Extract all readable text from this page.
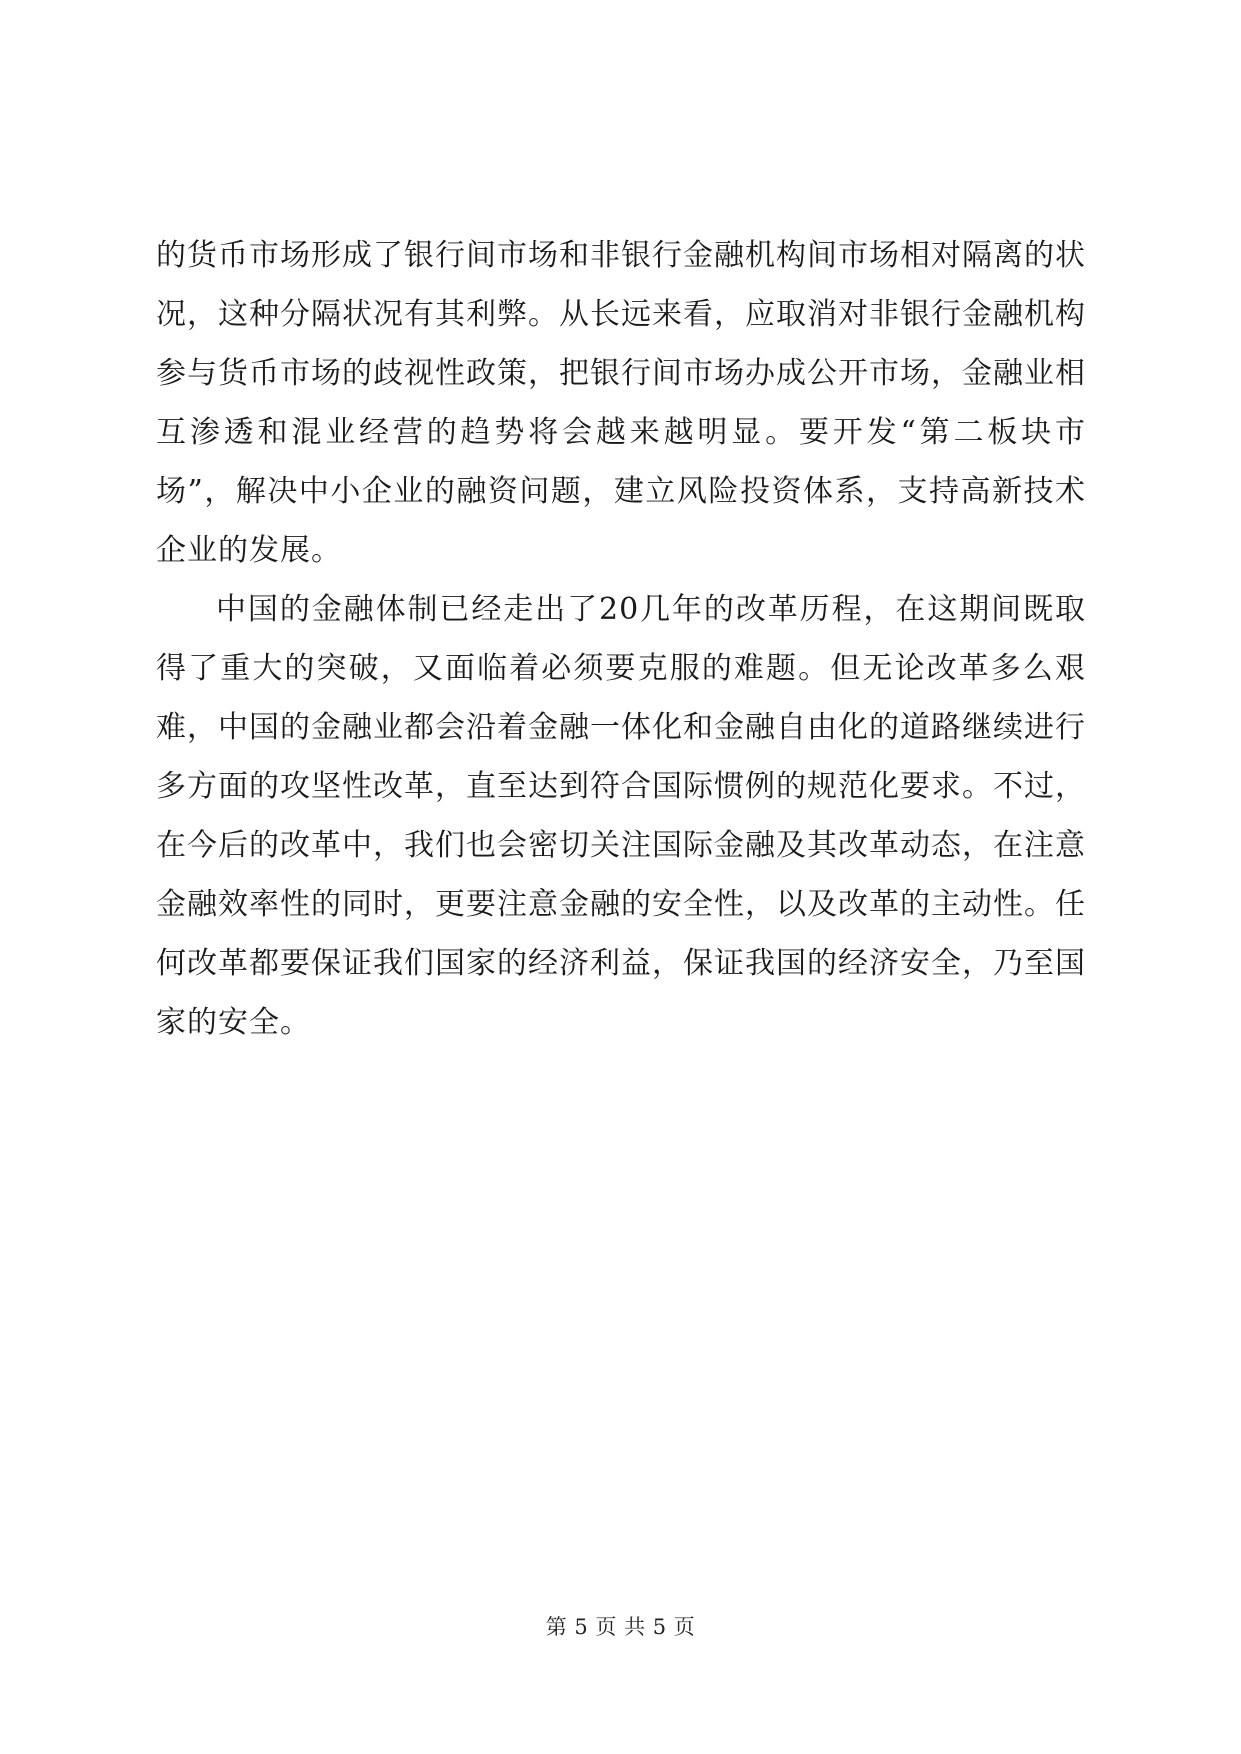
的货币市场形成了银行间市场和非银行金融机构间市场相对隔离的状况，这种分隔状况有其利弊。从长远来看，应取消对非银行金融机构参与货币市场的歧视性政策，把银行间市场办成公开市场，金融业相互渗透和混业经营的趋势将会越来越明显。要开发“第二板块市场”，解决中小企业的融资问题，建立风险投资体系，支持高新技术企业的发展。

中国的金融体制已经走出了20几年的改革历程，在这期间既取得了重大的突破，又面临着必须要克服的难题。但无论改革多么艰难，中国的金融业都会沿着金融一体化和金融自由化的道路继续进行多方面的攻坚性改革，直至达到符合国际惯例的规范化要求。不过，在今后的改革中，我们也会密切关注国际金融及其改革动态，在注意金融效率性的同时，更要注意金融的安全性，以及改革的主动性。任何改革都要保证我们国家的经济利益，保证我国的经济安全，乃至国家的安全。

第 5 页 共 5 页
